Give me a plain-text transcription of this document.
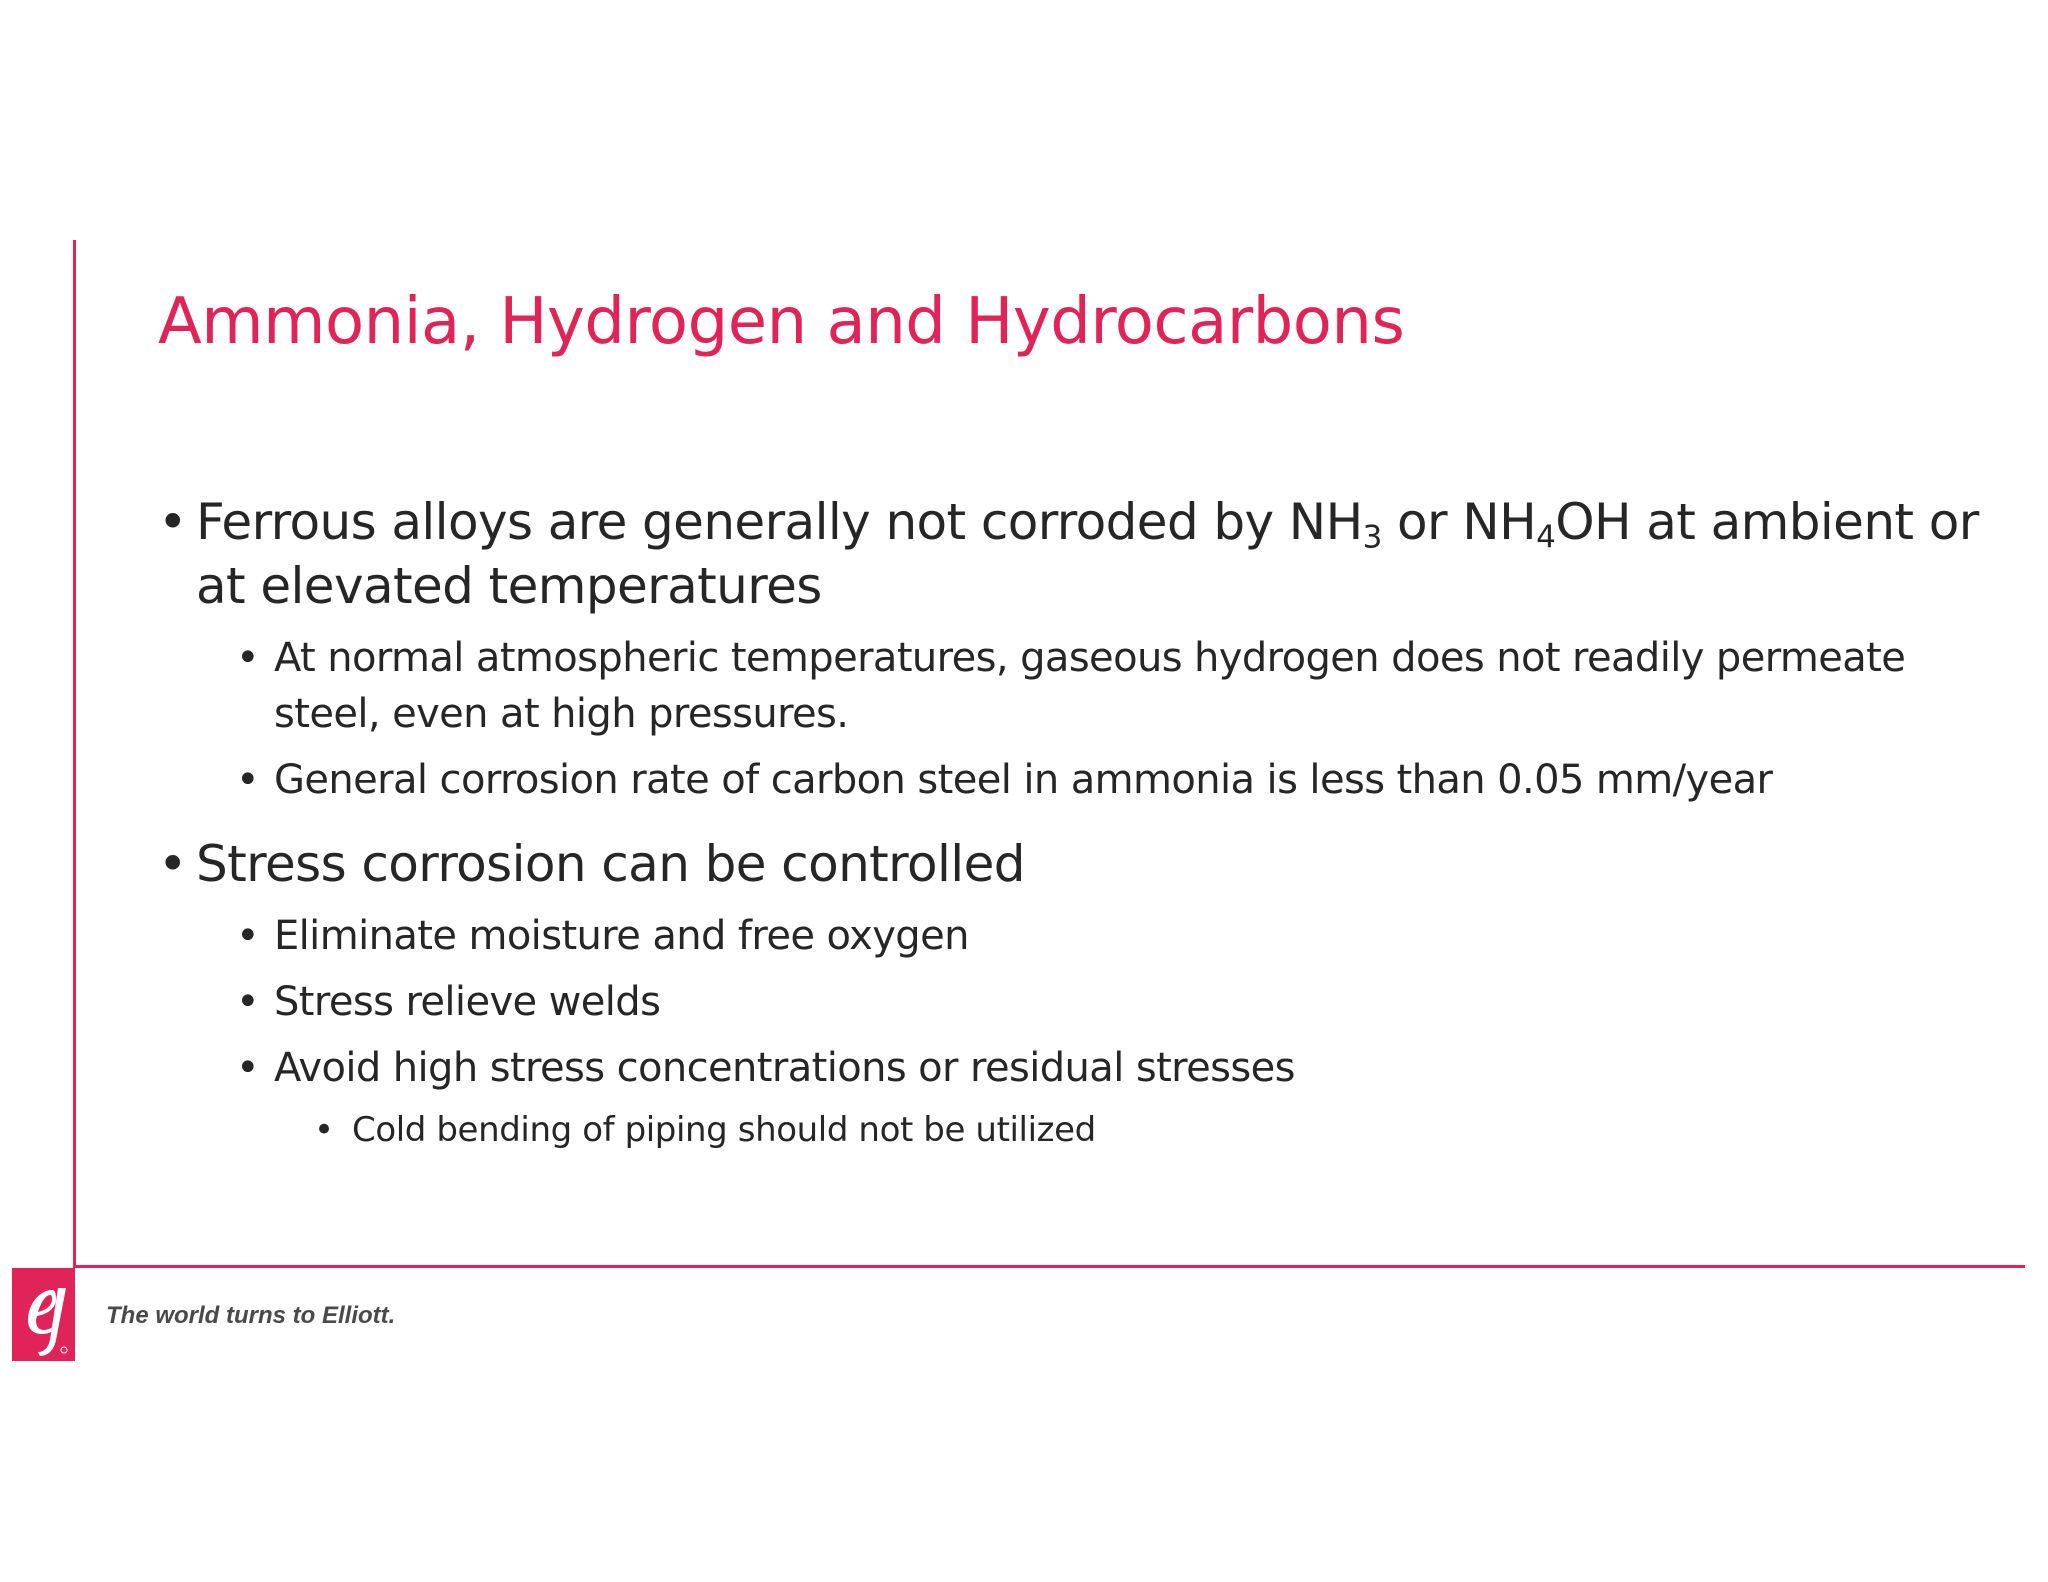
Ammonia, Hydrogen and Hydrocarbons
• Ferrous alloys are generally not corroded by $NH_3$ or $NH_4OH$ at ambient or at elevated temperatures
• At normal atmospheric temperatures, gaseous hydrogen does not readily permeate steel, even at high pressures.
• General corrosion rate of carbon steel in ammonia is less than 0.05 mm/year
• Stress corrosion can be controlled
• Eliminate moisture and free oxygen
• Stress relieve welds
• Avoid high stress concentrations or residual stresses
• Cold bending of piping should not be utilized
The world turns to Elliott.
